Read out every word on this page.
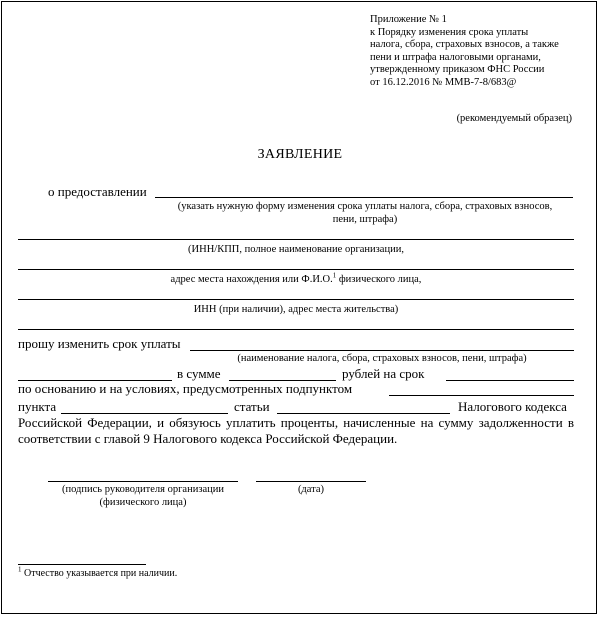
Приложение № 1
к Порядку изменения срока уплаты
налога, сбора, страховых взносов, а также
пени и штрафа налоговыми органами,
утвержденному приказом ФНС России
от 16.12.2016 № ММВ-7-8/683@
(рекомендуемый образец)
ЗАЯВЛЕНИЕ
о предоставлении
(указать нужную форму изменения срока уплаты налога, сбора, страховых взносов,
пени, штрафа)
(ИНН/КПП, полное наименование организации,
адрес места нахождения или Ф.И.О.$^1$ физического лица,
ИНН (при наличии), адрес места жительства)
прошу изменить срок уплаты
(наименование налога, сбора, страховых взносов, пени, штрафа)
в сумме	рублей на срок
по основанию и на условиях, предусмотренных подпунктом
пункта	статьи	Налогового кодекса
Российской Федерации, и обязуюсь уплатить проценты, начисленные на сумму задолженности в соответствии с главой 9 Налогового кодекса Российской Федерации.
(подпись руководителя организации
(физического лица)
(дата)
$^1$ Отчество указывается при наличии.
